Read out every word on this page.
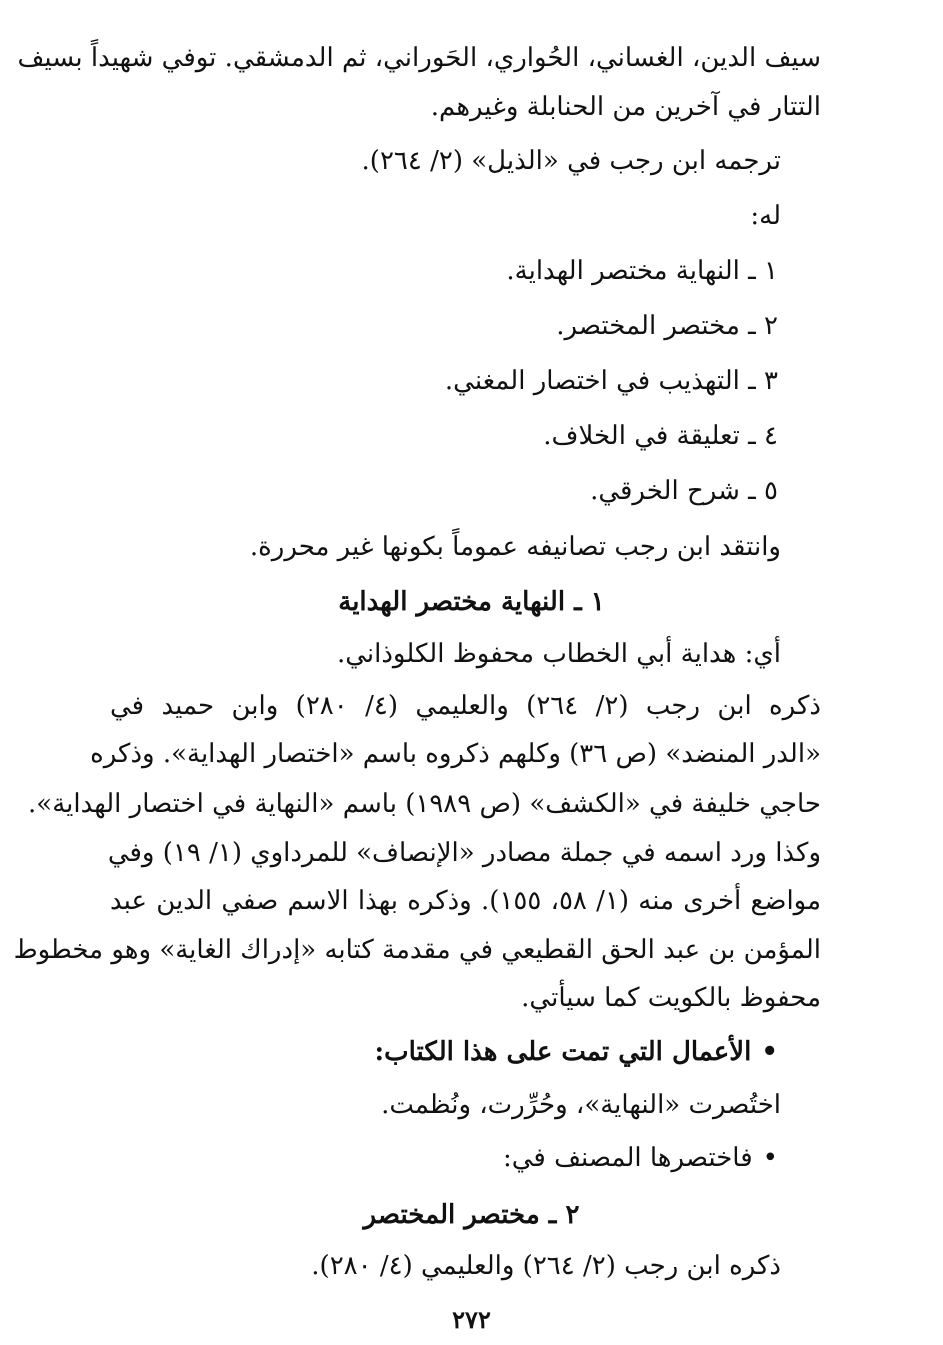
سيف الدين، الغساني، الحُواري، الحَوراني، ثم الدمشقي. توفي شهيداً بسيف
التتار في آخرين من الحنابلة وغيرهم.
ترجمه ابن رجب في «الذيل» (٢/ ٢٦٤).
له:
١ ـ النهاية مختصر الهداية.
٢ ـ مختصر المختصر.
٣ ـ التهذيب في اختصار المغني.
٤ ـ تعليقة في الخلاف.
٥ ـ شرح الخرقي.
وانتقد ابن رجب تصانيفه عموماً بكونها غير محررة.
١ ـ النهاية مختصر الهداية
أي: هداية أبي الخطاب محفوظ الكلوذاني.
ذكره ابن رجب (٢/ ٢٦٤) والعليمي (٤/ ٢٨٠) وابن حميد في
«الدر المنضد» (ص ٣٦) وكلهم ذكروه باسم «اختصار الهداية». وذكره
حاجي خليفة في «الكشف» (ص ١٩٨٩) باسم «النهاية في اختصار الهداية».
وكذا ورد اسمه في جملة مصادر «الإنصاف» للمرداوي (١/ ١٩) وفي
مواضع أخرى منه (١/ ٥٨، ١٥٥). وذكره بهذا الاسم صفي الدين عبد
المؤمن بن عبد الحق القطيعي في مقدمة كتابه «إدراك الغاية» وهو مخطوط
محفوظ بالكويت كما سيأتي.
•الأعمال التي تمت على هذا الكتاب:
اختُصرت «النهاية»، وحُرِّرت، ونُظمت.
•فاختصرها المصنف في:
٢ ـ مختصر المختصر
ذكره ابن رجب (٢/ ٢٦٤) والعليمي (٤/ ٢٨٠).
٢٧٢
